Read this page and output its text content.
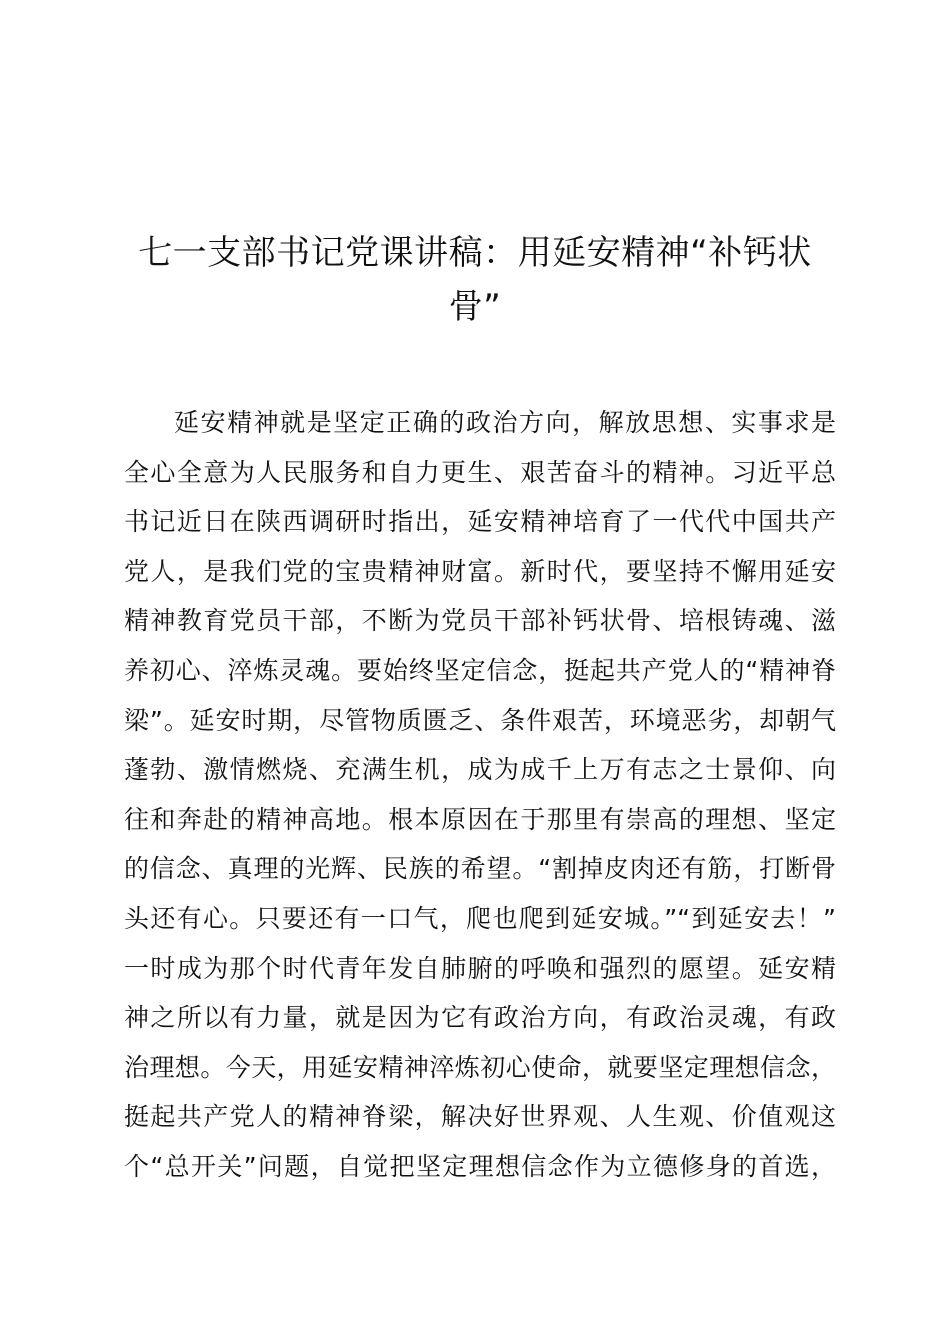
七一支部书记党课讲稿：用延安精神“补钙状
骨”
延安精神就是坚定正确的政治方向，解放思想、实事求是
全心全意为人民服务和自力更生、艰苦奋斗的精神。习近平总
书记近日在陕西调研时指出，延安精神培育了一代代中国共产
党人，是我们党的宝贵精神财富。新时代，要坚持不懈用延安
精神教育党员干部，不断为党员干部补钙状骨、培根铸魂、滋
养初心、淬炼灵魂。要始终坚定信念，挺起共产党人的“精神脊
梁”。延安时期，尽管物质匮乏、条件艰苦，环境恶劣，却朝气
蓬勃、激情燃烧、充满生机，成为成千上万有志之士景仰、向
往和奔赴的精神高地。根本原因在于那里有崇高的理想、坚定
的信念、真理的光辉、民族的希望。“割掉皮肉还有筋，打断骨
头还有心。只要还有一口气，爬也爬到延安城。”“到延安去！”
一时成为那个时代青年发自肺腑的呼唤和强烈的愿望。延安精
神之所以有力量，就是因为它有政治方向，有政治灵魂，有政
治理想。今天，用延安精神淬炼初心使命，就要坚定理想信念，
挺起共产党人的精神脊梁，解决好世界观、人生观、价值观这
个“总开关”问题，自觉把坚定理想信念作为立德修身的首选，
